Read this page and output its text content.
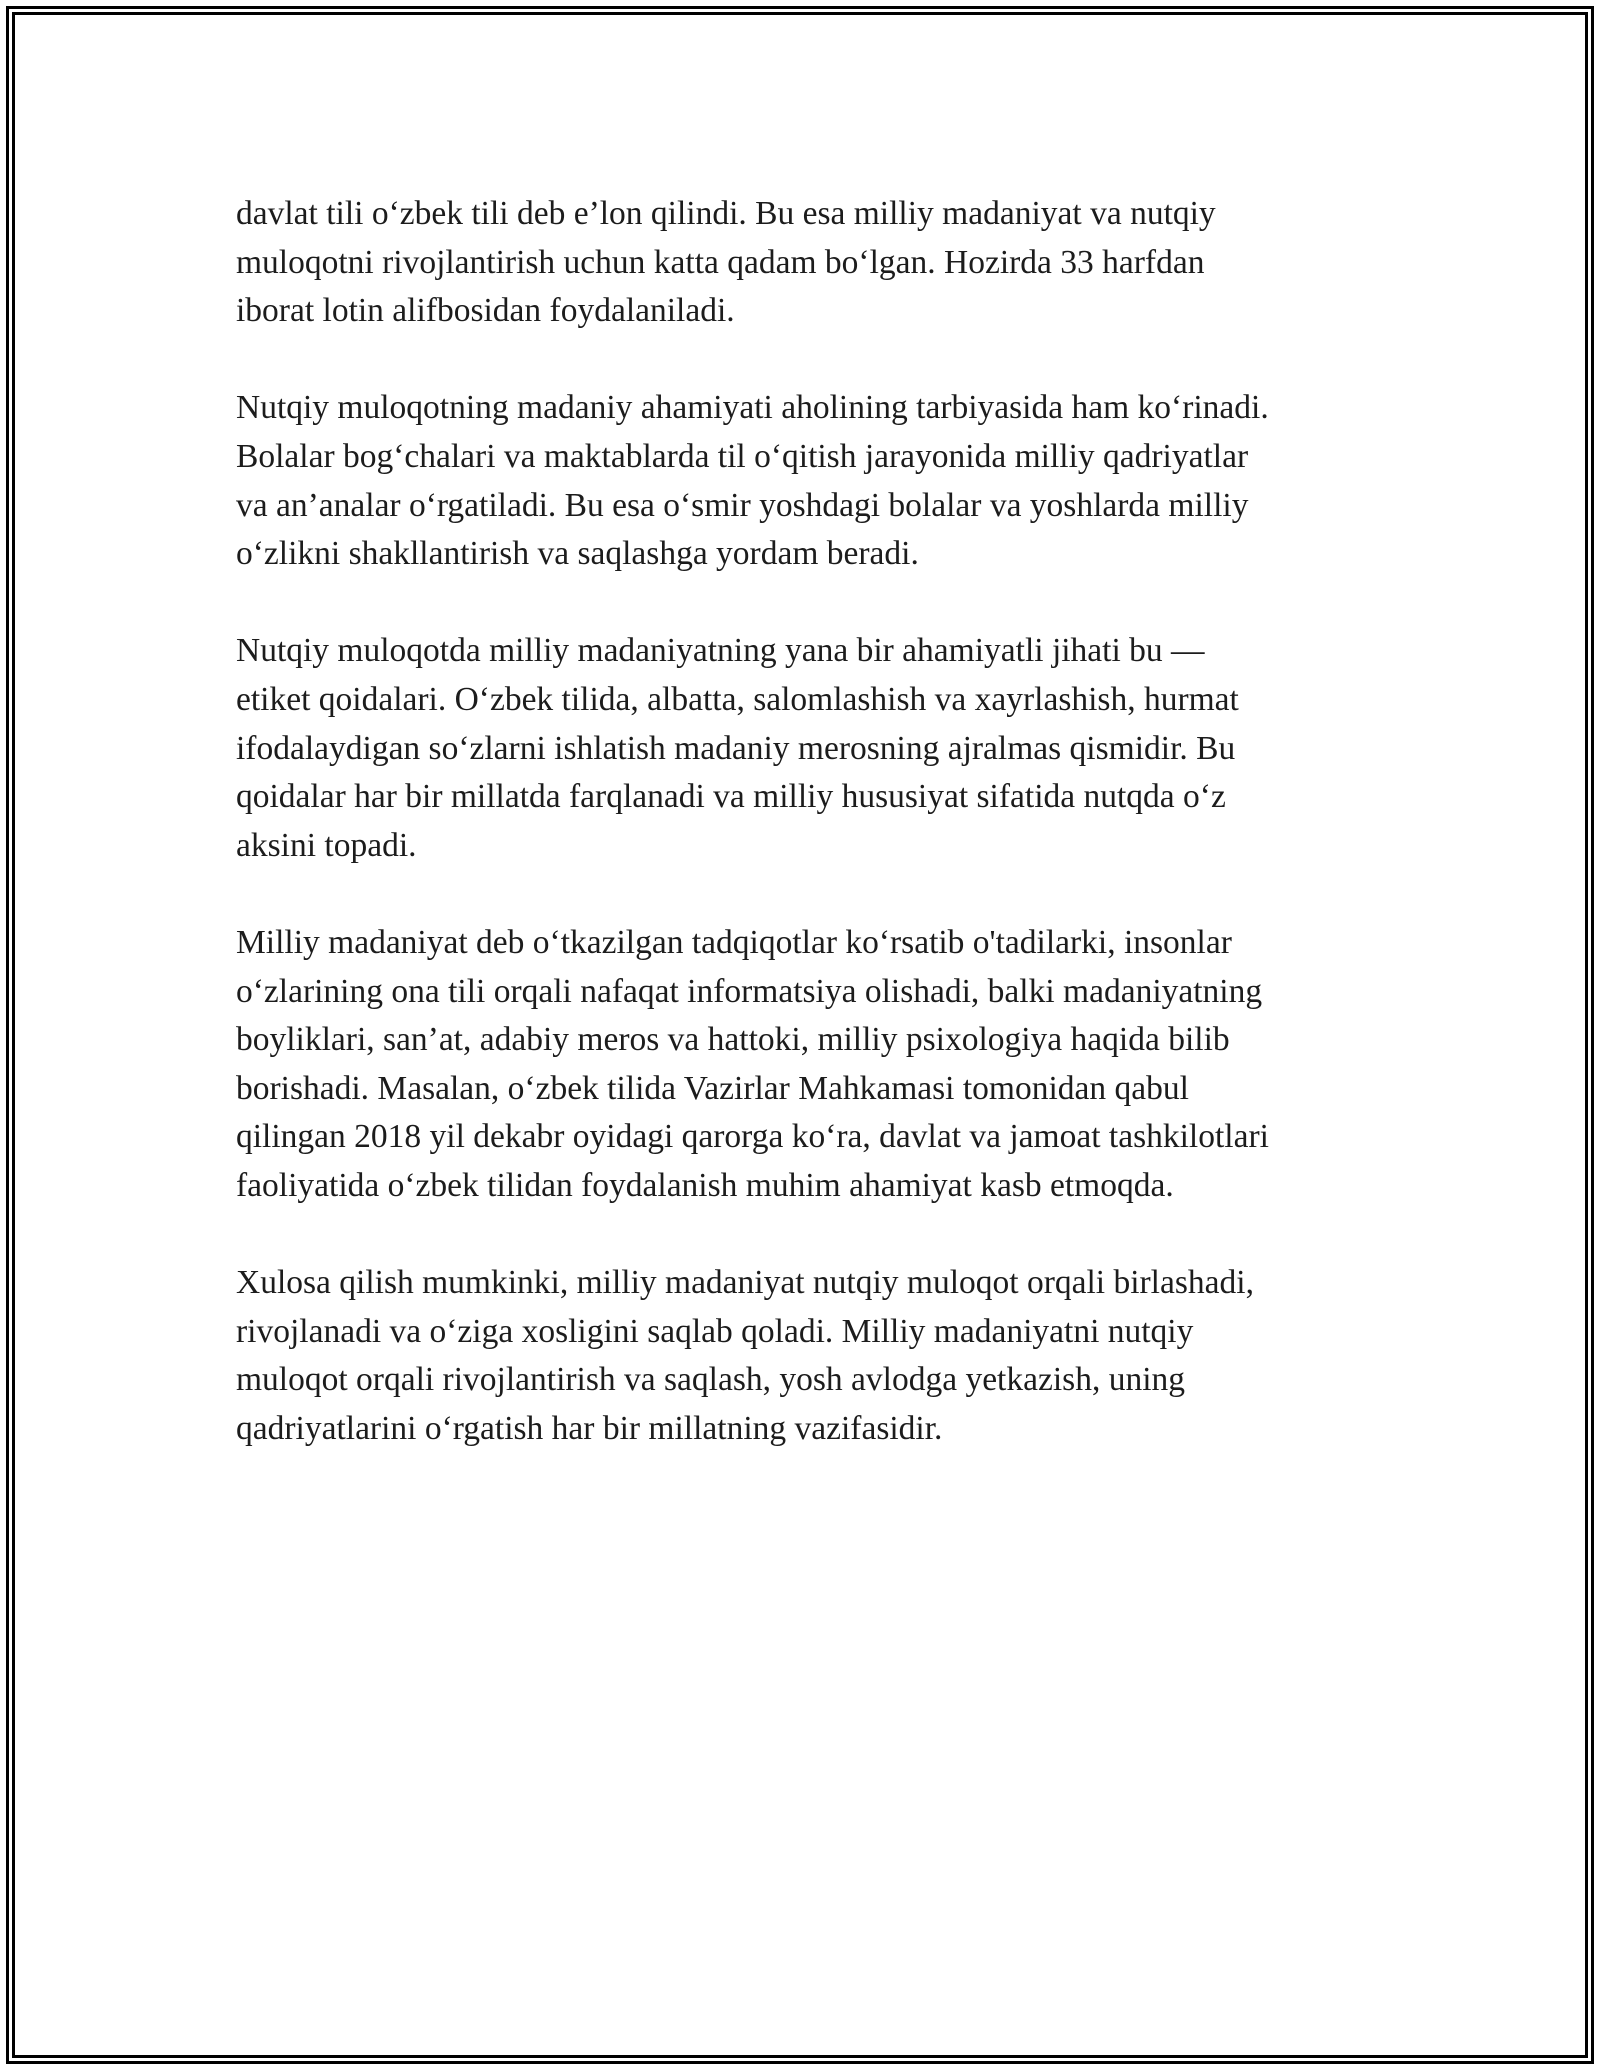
davlat tili o‘zbek tili deb e’lon qilindi. Bu esa milliy madaniyat va nutqiy
muloqotni rivojlantirish uchun katta qadam bo‘lgan. Hozirda 33 harfdan
iborat lotin alifbosidan foydalaniladi.

Nutqiy muloqotning madaniy ahamiyati aholining tarbiyasida ham ko‘rinadi.
Bolalar bog‘chalari va maktablarda til o‘qitish jarayonida milliy qadriyatlar
va an’analar o‘rgatiladi. Bu esa o‘smir yoshdagi bolalar va yoshlarda milliy
o‘zlikni shakllantirish va saqlashga yordam beradi.

Nutqiy muloqotda milliy madaniyatning yana bir ahamiyatli jihati bu —
etiket qoidalari. O‘zbek tilida, albatta, salomlashish va xayrlashish, hurmat
ifodalaydigan so‘zlarni ishlatish madaniy merosning ajralmas qismidir. Bu
qoidalar har bir millatda farqlanadi va milliy hususiyat sifatida nutqda o‘z
aksini topadi.

Milliy madaniyat deb o‘tkazilgan tadqiqotlar ko‘rsatib o'tadilarki, insonlar
o‘zlarining ona tili orqali nafaqat informatsiya olishadi, balki madaniyatning
boyliklari, san’at, adabiy meros va hattoki, milliy psixologiya haqida bilib
borishadi. Masalan, o‘zbek tilida Vazirlar Mahkamasi tomonidan qabul
qilingan 2018 yil dekabr oyidagi qarorga ko‘ra, davlat va jamoat tashkilotlari
faoliyatida o‘zbek tilidan foydalanish muhim ahamiyat kasb etmoqda.

Xulosa qilish mumkinki, milliy madaniyat nutqiy muloqot orqali birlashadi,
rivojlanadi va o‘ziga xosligini saqlab qoladi. Milliy madaniyatni nutqiy
muloqot orqali rivojlantirish va saqlash, yosh avlodga yetkazish, uning
qadriyatlarini o‘rgatish har bir millatning vazifasidir.
